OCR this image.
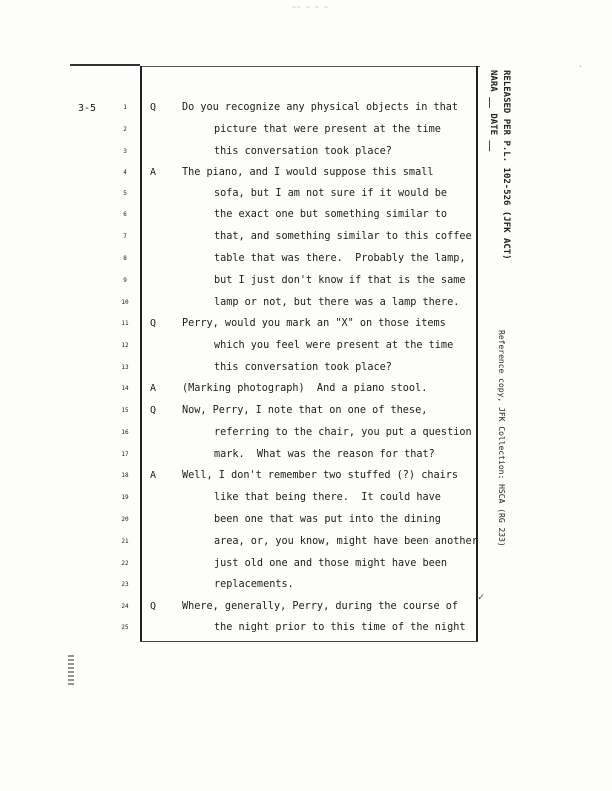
~~ ~ ~ ~
.
3-5	1	Q	Do you recognize any physical objects in that
2	picture that were present at the time
3	this conversation took place?
4	A	The piano, and I would suppose this small
5	sofa, but I am not sure if it would be
6	the exact one but something similar to
7	that, and something similar to this coffee
8	table that was there.  Probably the lamp,
9	but I just don't know if that is the same
10	lamp or not, but there was a lamp there.
11	Q	Perry, would you mark an "X" on those items
12	which you feel were present at the time
13	this conversation took place?
14	A	(Marking photograph)  And a piano stool.
15	Q	Now, Perry, I note that on one of these,
16	referring to the chair, you put a question
17	mark.  What was the reason for that?
18	A	Well, I don't remember two stuffed (?) chairs
19	like that being there.  It could have
20	been one that was put into the dining
21	area, or, you know, might have been another
22	just old one and those might have been
23	replacements.
24	Q	Where, generally, Perry, during the course of
25	the night prior to this time of the night
RELEASED PER P.L. 102-526 (JFK ACT)
NARA __ DATE __
Reference copy, JFK Collection: HSCA (RG 233)
✓
